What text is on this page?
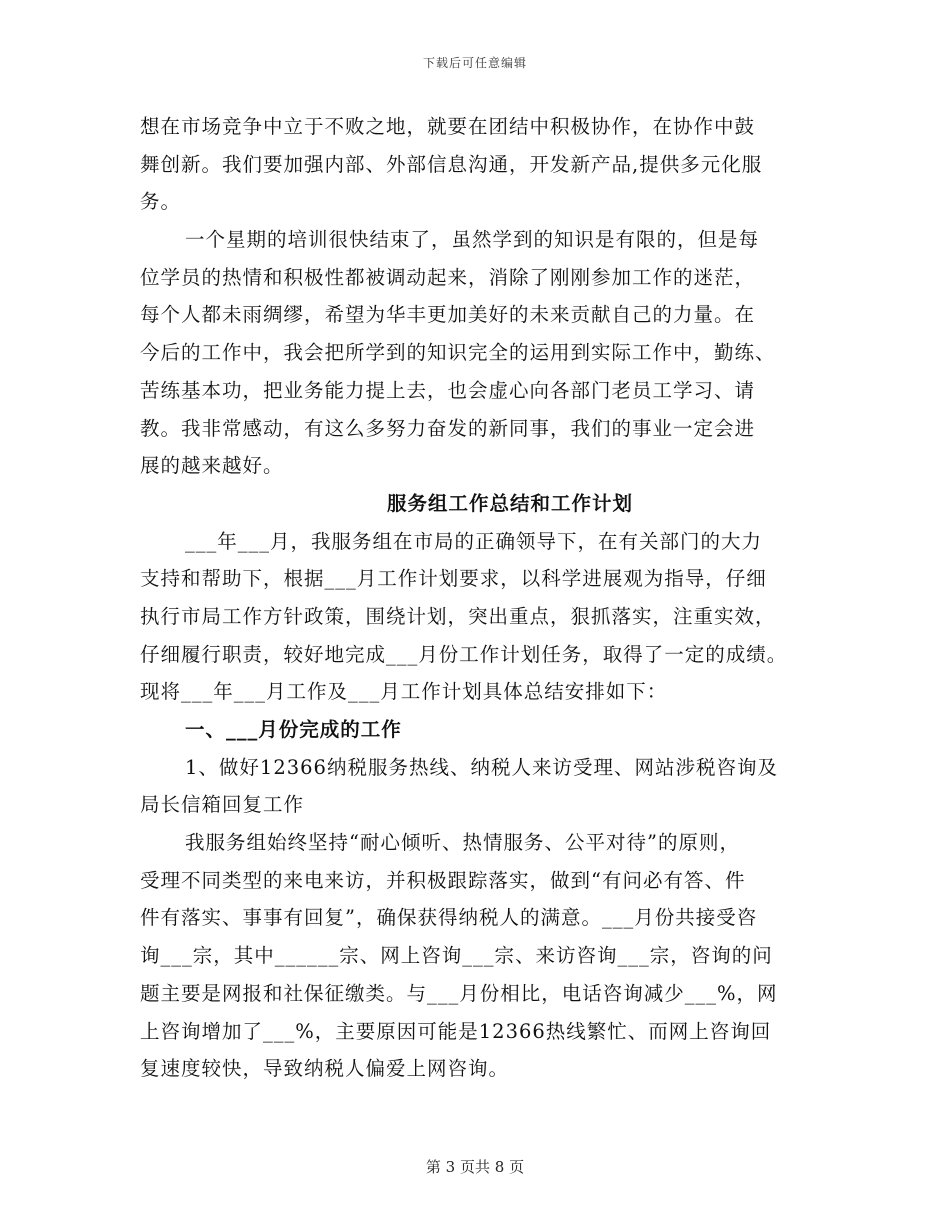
下载后可任意编辑
想在市场竞争中立于不败之地，就要在团结中积极协作，在协作中鼓
舞创新。我们要加强内部、外部信息沟通，开发新产品,提供多元化服
务。
一个星期的培训很快结束了，虽然学到的知识是有限的，但是每
位学员的热情和积极性都被调动起来，消除了刚刚参加工作的迷茫，
每个人都未雨绸缪，希望为华丰更加美好的未来贡献自己的力量。在
今后的工作中，我会把所学到的知识完全的运用到实际工作中，勤练、
苦练基本功，把业务能力提上去，也会虚心向各部门老员工学习、请
教。我非常感动，有这么多努力奋发的新同事，我们的事业一定会进
展的越来越好。
服务组工作总结和工作计划
___年___月，我服务组在市局的正确领导下，在有关部门的大力
支持和帮助下，根据___月工作计划要求，以科学进展观为指导，仔细
执行市局工作方针政策，围绕计划，突出重点，狠抓落实，注重实效，
仔细履行职责，较好地完成___月份工作计划任务，取得了一定的成绩。
现将___年___月工作及___月工作计划具体总结安排如下：
一、___月份完成的工作
1、做好12366纳税服务热线、纳税人来访受理、网站涉税咨询及
局长信箱回复工作
我服务组始终坚持“耐心倾听、热情服务、公平对待”的原则，
受理不同类型的来电来访，并积极跟踪落实，做到“有问必有答、件
件有落实、事事有回复”，确保获得纳税人的满意。___月份共接受咨
询___宗，其中______宗、网上咨询___宗、来访咨询___宗，咨询的问
题主要是网报和社保征缴类。与___月份相比，电话咨询减少___%，网
上咨询增加了___%，主要原因可能是12366热线繁忙、而网上咨询回
复速度较快，导致纳税人偏爱上网咨询。
第 3 页共 8 页
